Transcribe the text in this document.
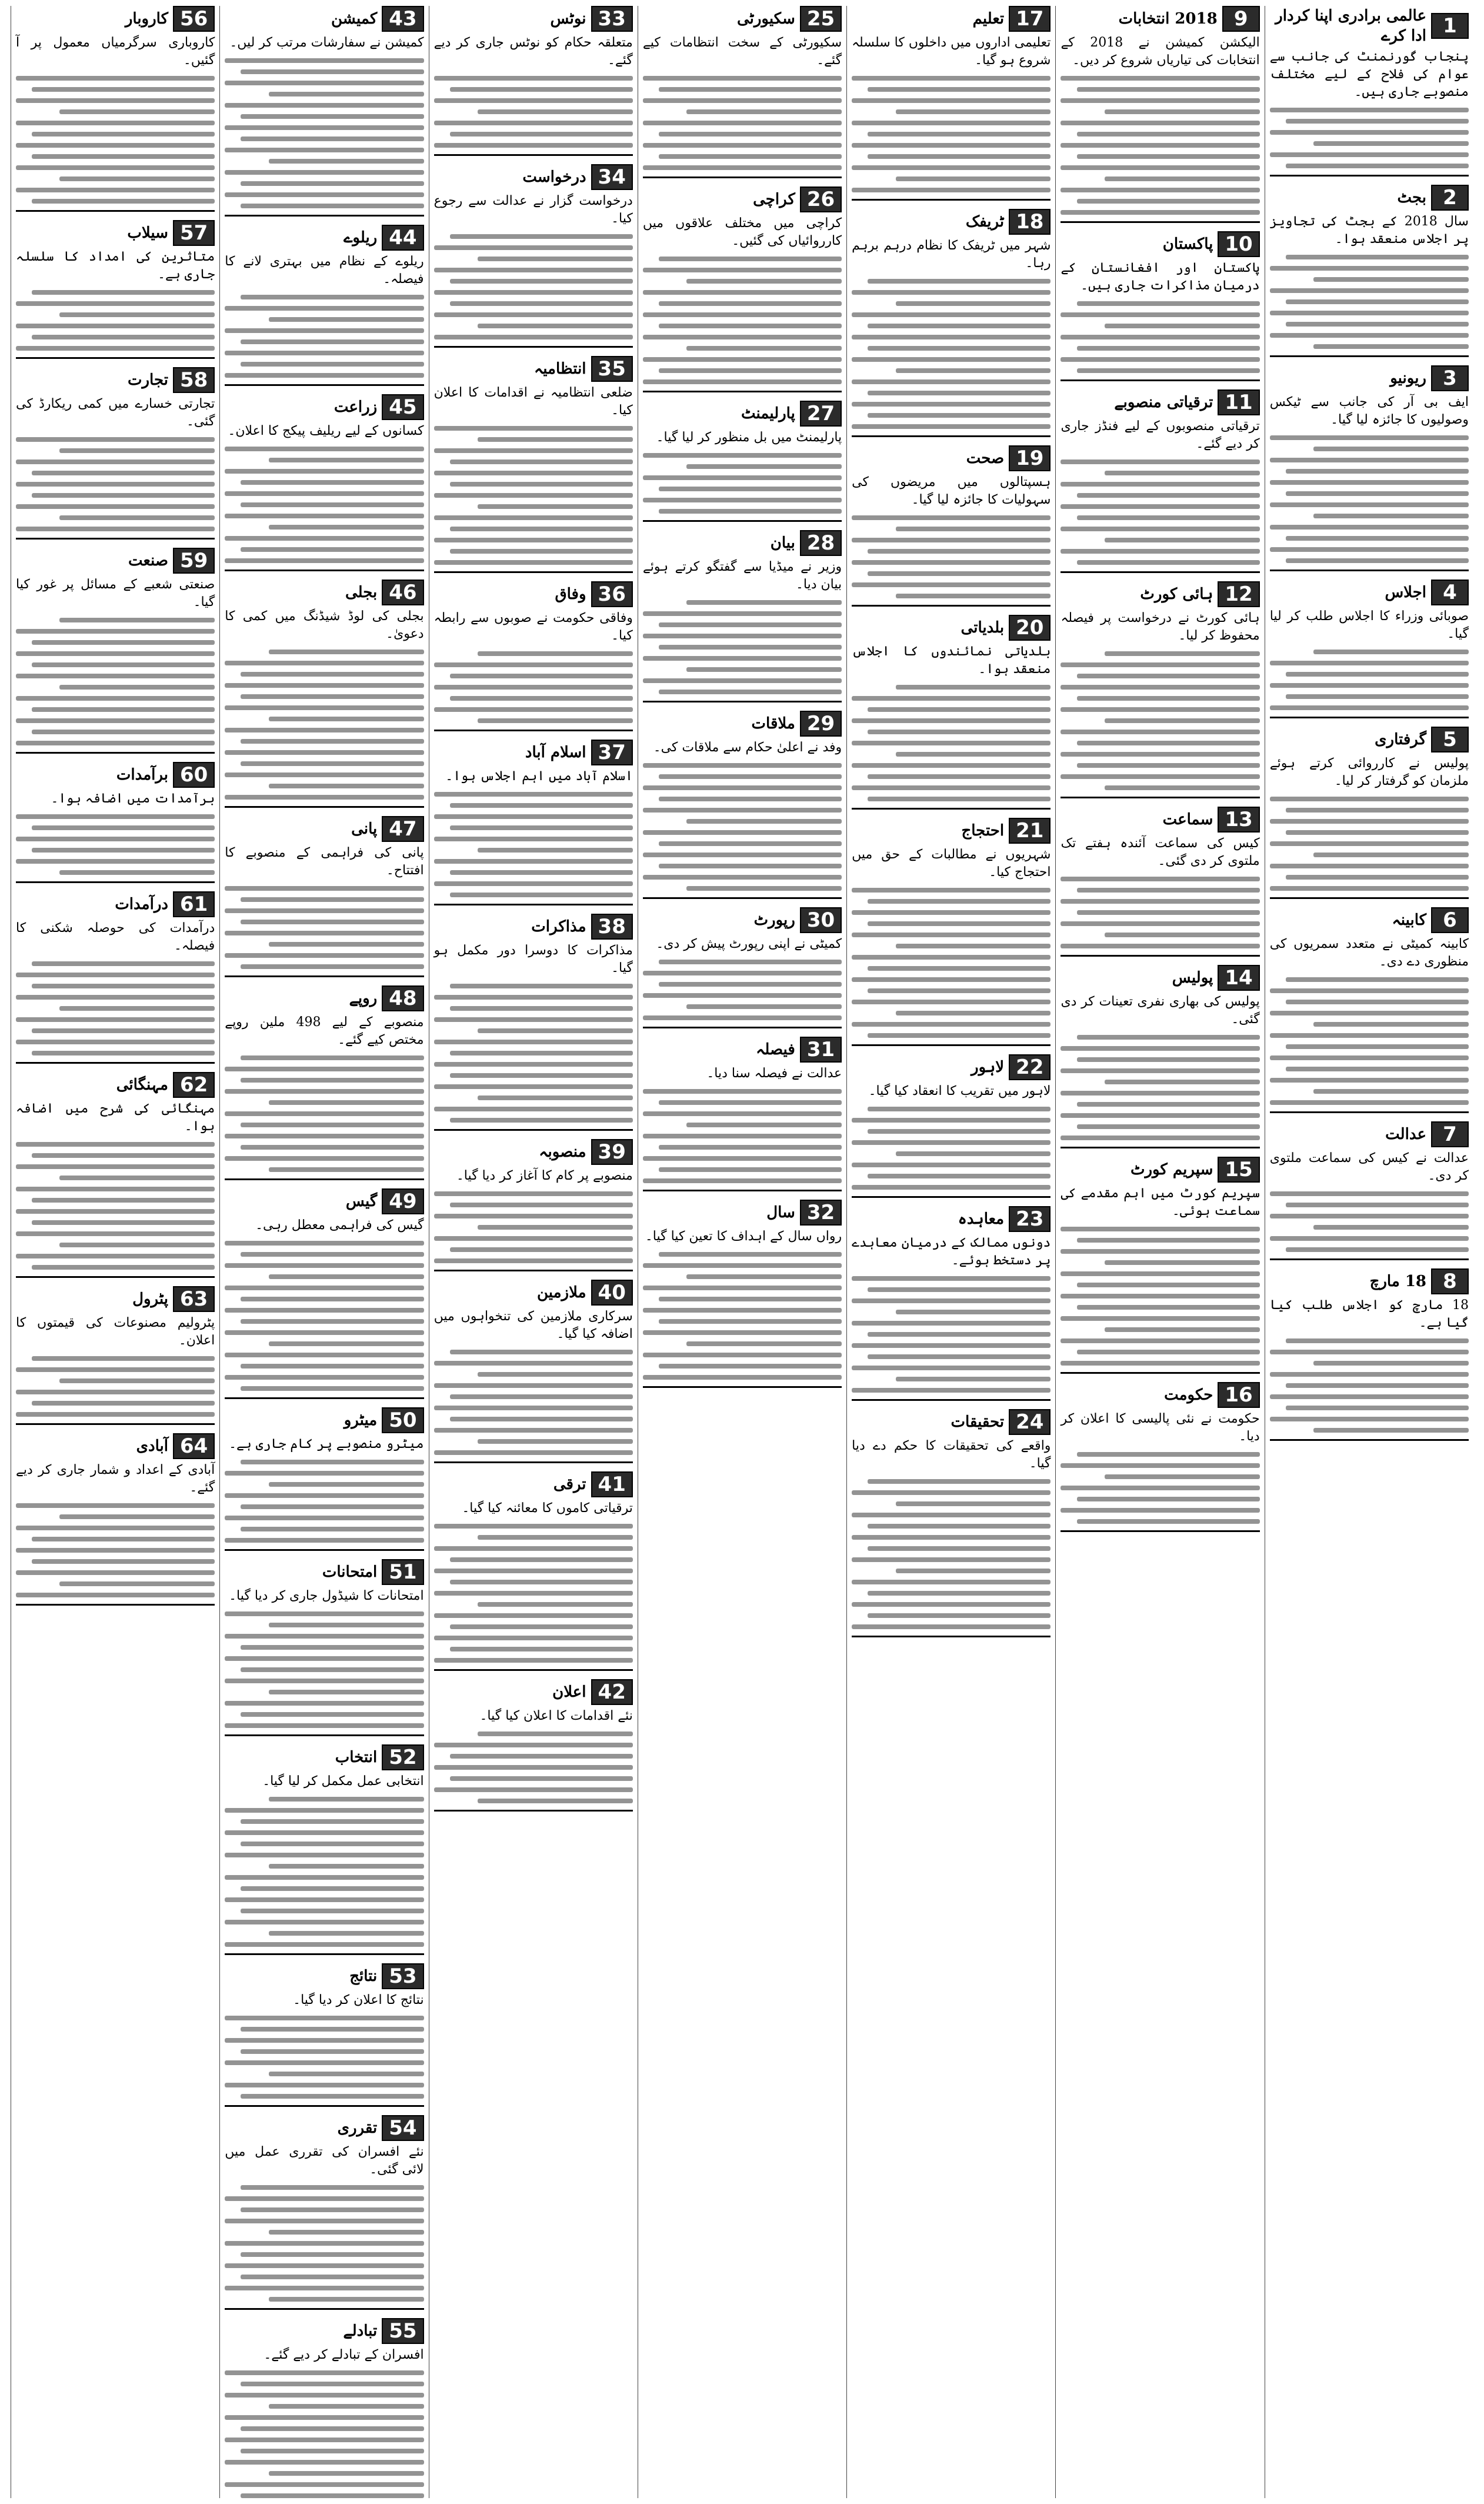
1
عالمی برادری اپنا کردار ادا کرے
پنجاب گورنمنٹ کی جانب سے عوام کی فلاح کے لیے مختلف منصوبے جاری ہیں۔
2
بجٹ
سال 2018 کے بجٹ کی تجاویز پر اجلاس منعقد ہوا۔
3
ریونیو
ایف بی آر کی جانب سے ٹیکس وصولیوں کا جائزہ لیا گیا۔
4
اجلاس
صوبائی وزراء کا اجلاس طلب کر لیا گیا۔
5
گرفتاری
پولیس نے کارروائی کرتے ہوئے ملزمان کو گرفتار کر لیا۔
6
کابینہ
کابینہ کمیٹی نے متعدد سمریوں کی منظوری دے دی۔
7
عدالت
عدالت نے کیس کی سماعت ملتوی کر دی۔
8
18 مارچ
18 مارچ کو اجلاس طلب کیا گیا ہے۔
9
2018 انتخابات
الیکشن کمیشن نے 2018 کے انتخابات کی تیاریاں شروع کر دیں۔
10
پاکستان
پاکستان اور افغانستان کے درمیان مذاکرات جاری ہیں۔
11
ترقیاتی منصوبے
ترقیاتی منصوبوں کے لیے فنڈز جاری کر دیے گئے۔
12
ہائی کورٹ
ہائی کورٹ نے درخواست پر فیصلہ محفوظ کر لیا۔
13
سماعت
کیس کی سماعت آئندہ ہفتے تک ملتوی کر دی گئی۔
14
پولیس
پولیس کی بھاری نفری تعینات کر دی گئی۔
15
سپریم کورٹ
سپریم کورٹ میں اہم مقدمے کی سماعت ہوئی۔
16
حکومت
حکومت نے نئی پالیسی کا اعلان کر دیا۔
17
تعلیم
تعلیمی اداروں میں داخلوں کا سلسلہ شروع ہو گیا۔
18
ٹریفک
شہر میں ٹریفک کا نظام درہم برہم رہا۔
19
صحت
ہسپتالوں میں مریضوں کی سہولیات کا جائزہ لیا گیا۔
20
بلدیاتی
بلدیاتی نمائندوں کا اجلاس منعقد ہوا۔
21
احتجاج
شہریوں نے مطالبات کے حق میں احتجاج کیا۔
22
لاہور
لاہور میں تقریب کا انعقاد کیا گیا۔
23
معاہدہ
دونوں ممالک کے درمیان معاہدے پر دستخط ہوئے۔
24
تحقیقات
واقعے کی تحقیقات کا حکم دے دیا گیا۔
25
سکیورٹی
سکیورٹی کے سخت انتظامات کیے گئے۔
26
کراچی
کراچی میں مختلف علاقوں میں کارروائیاں کی گئیں۔
27
پارلیمنٹ
پارلیمنٹ میں بل منظور کر لیا گیا۔
28
بیان
وزیر نے میڈیا سے گفتگو کرتے ہوئے بیان دیا۔
29
ملاقات
وفد نے اعلیٰ حکام سے ملاقات کی۔
30
رپورٹ
کمیٹی نے اپنی رپورٹ پیش کر دی۔
31
فیصلہ
عدالت نے فیصلہ سنا دیا۔
32
سال
رواں سال کے اہداف کا تعین کیا گیا۔
33
نوٹس
متعلقہ حکام کو نوٹس جاری کر دیے گئے۔
34
درخواست
درخواست گزار نے عدالت سے رجوع کیا۔
35
انتظامیہ
ضلعی انتظامیہ نے اقدامات کا اعلان کیا۔
36
وفاق
وفاقی حکومت نے صوبوں سے رابطہ کیا۔
37
اسلام آباد
اسلام آباد میں اہم اجلاس ہوا۔
38
مذاکرات
مذاکرات کا دوسرا دور مکمل ہو گیا۔
39
منصوبہ
منصوبے پر کام کا آغاز کر دیا گیا۔
40
ملازمین
سرکاری ملازمین کی تنخواہوں میں اضافہ کیا گیا۔
41
ترقی
ترقیاتی کاموں کا معائنہ کیا گیا۔
42
اعلان
نئے اقدامات کا اعلان کیا گیا۔
43
کمیشن
کمیشن نے سفارشات مرتب کر لیں۔
44
ریلوے
ریلوے کے نظام میں بہتری لانے کا فیصلہ۔
45
زراعت
کسانوں کے لیے ریلیف پیکج کا اعلان۔
46
بجلی
بجلی کی لوڈ شیڈنگ میں کمی کا دعویٰ۔
47
پانی
پانی کی فراہمی کے منصوبے کا افتتاح۔
48
روپے
منصوبے کے لیے 498 ملین روپے مختص کیے گئے۔
49
گیس
گیس کی فراہمی معطل رہی۔
50
میٹرو
میٹرو منصوبے پر کام جاری ہے۔
51
امتحانات
امتحانات کا شیڈول جاری کر دیا گیا۔
52
انتخاب
انتخابی عمل مکمل کر لیا گیا۔
53
نتائج
نتائج کا اعلان کر دیا گیا۔
54
تقرری
نئے افسران کی تقرری عمل میں لائی گئی۔
55
تبادلے
افسران کے تبادلے کر دیے گئے۔
56
کاروبار
کاروباری سرگرمیاں معمول پر آ گئیں۔
57
سیلاب
متاثرین کی امداد کا سلسلہ جاری ہے۔
58
تجارت
تجارتی خسارے میں کمی ریکارڈ کی گئی۔
59
صنعت
صنعتی شعبے کے مسائل پر غور کیا گیا۔
60
برآمدات
برآمدات میں اضافہ ہوا۔
61
درآمدات
درآمدات کی حوصلہ شکنی کا فیصلہ۔
62
مہنگائی
مہنگائی کی شرح میں اضافہ ہوا۔
63
پٹرول
پٹرولیم مصنوعات کی قیمتوں کا اعلان۔
64
آبادی
آبادی کے اعداد و شمار جاری کر دیے گئے۔
